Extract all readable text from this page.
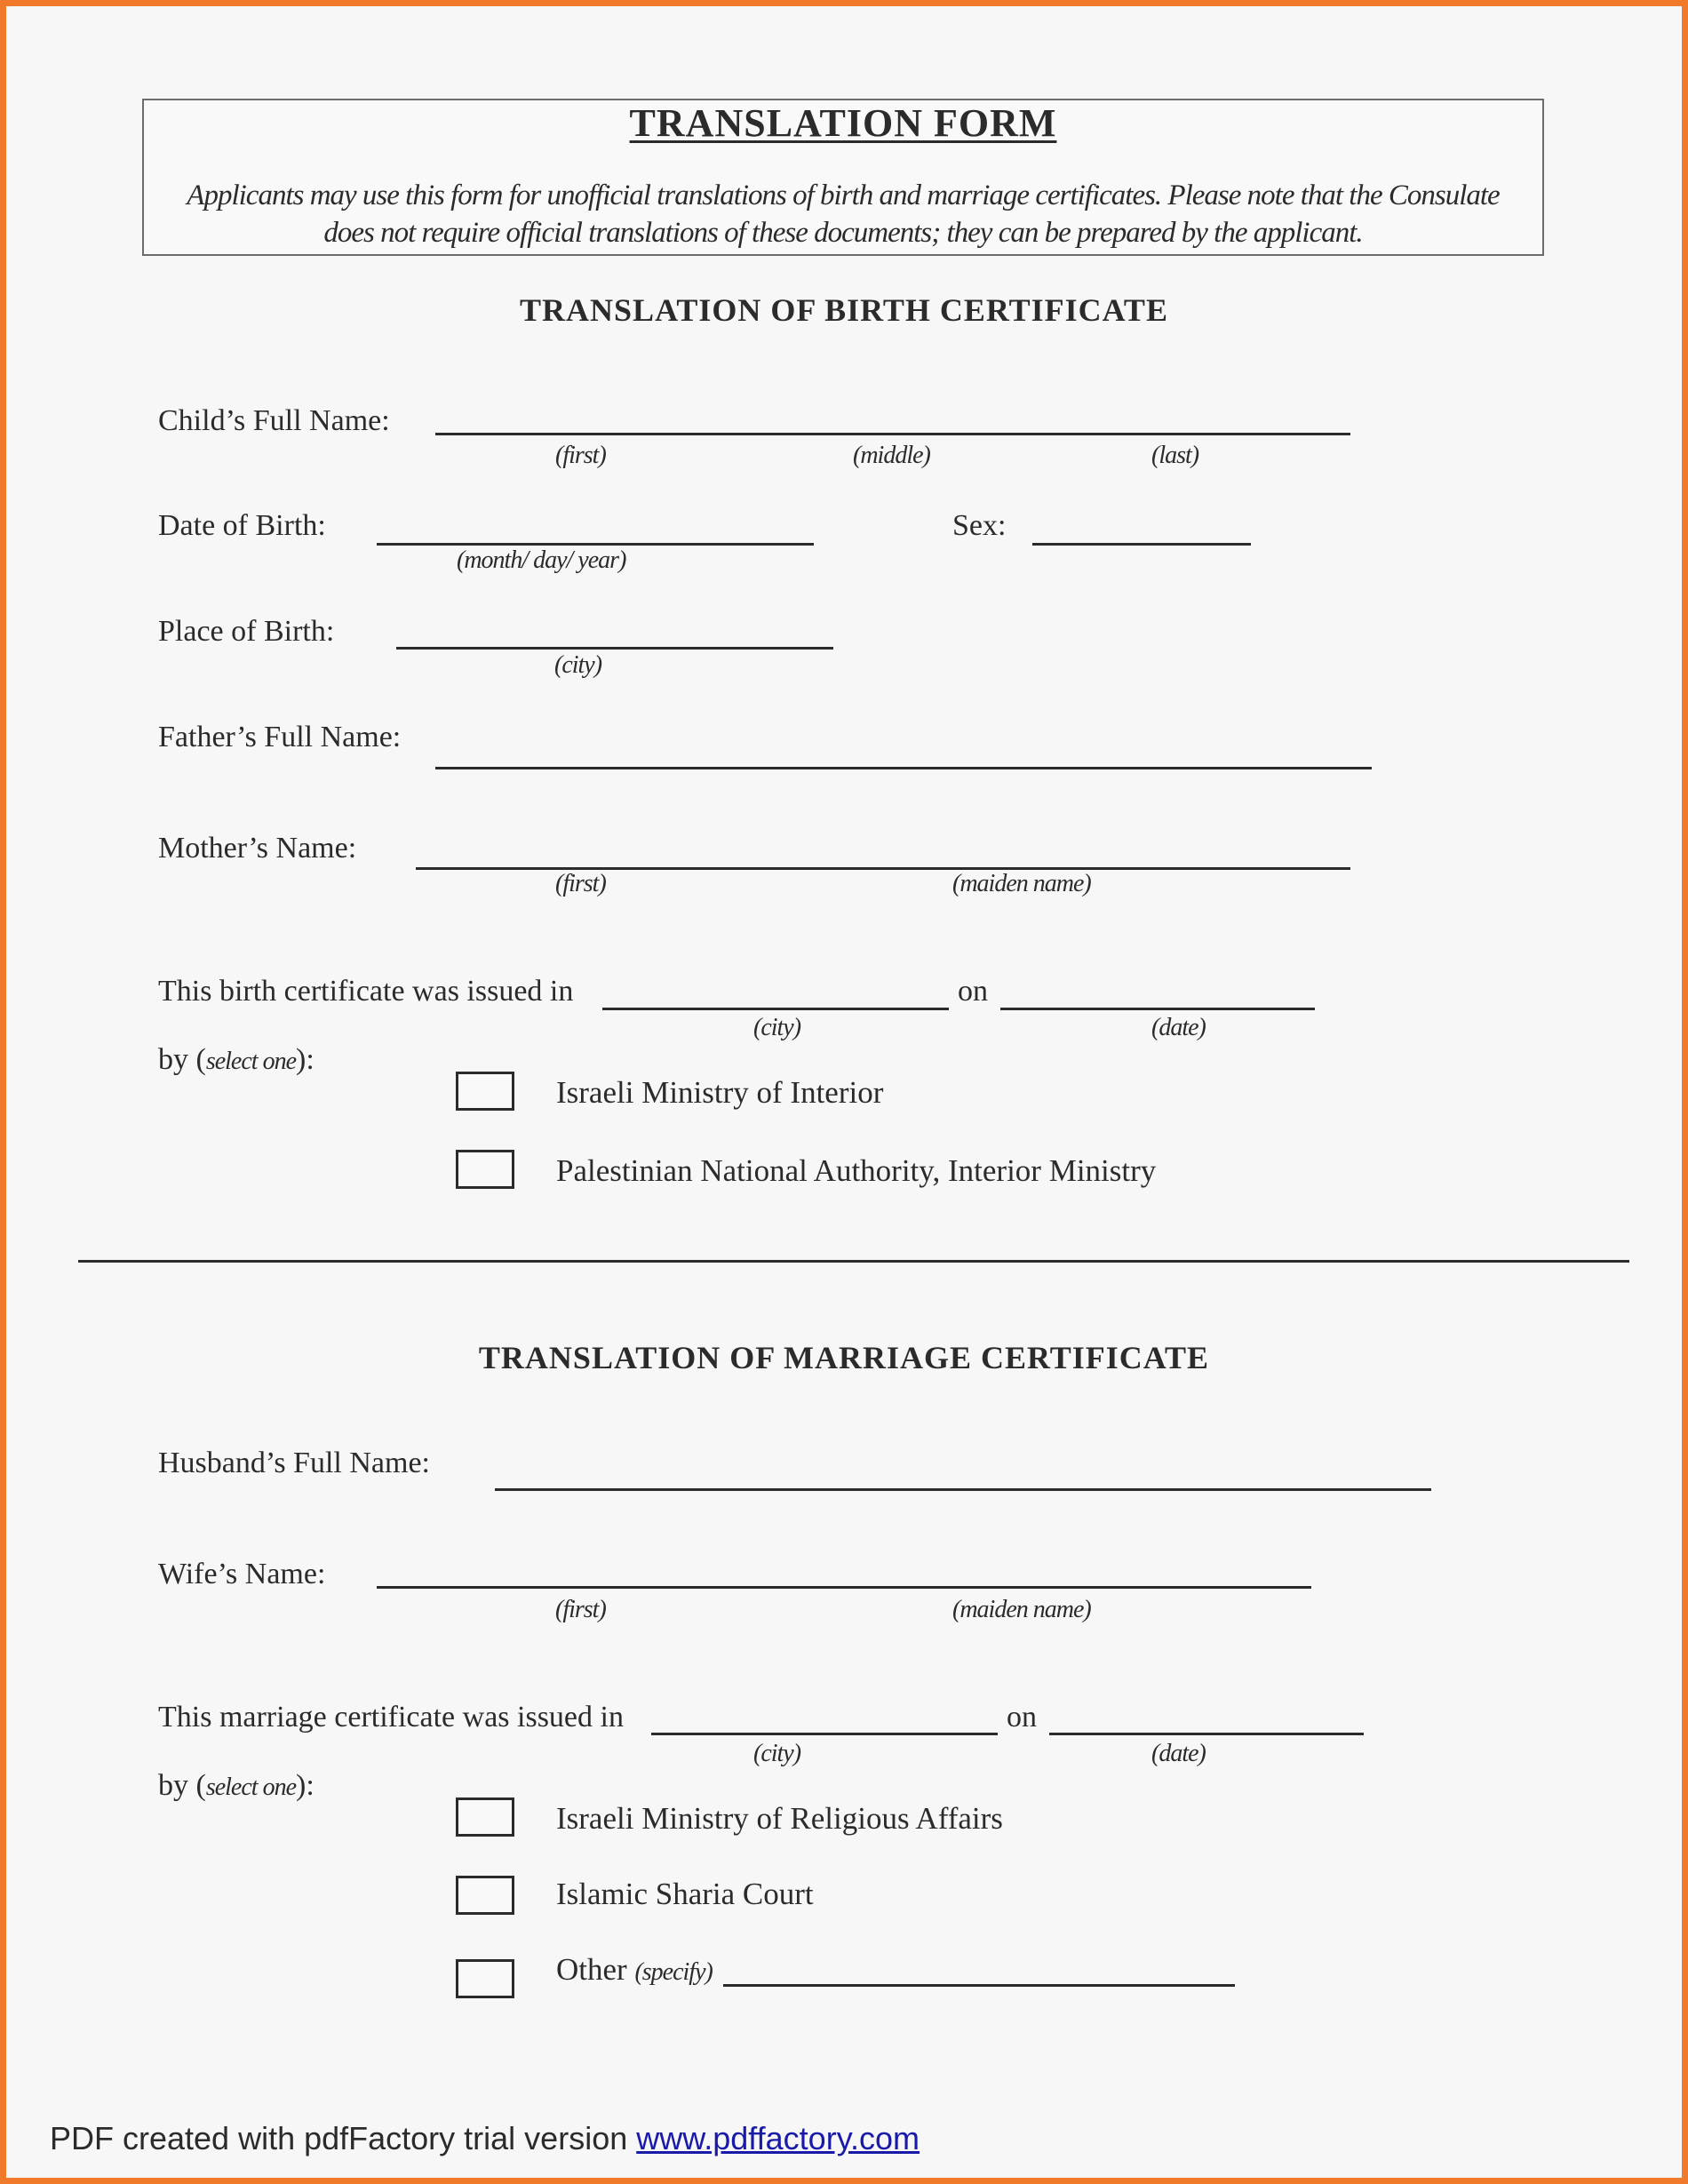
TRANSLATION FORM
Applicants may use this form for unofficial translations of birth and marriage certificates. Please note that the Consulate does not require official translations of these documents; they can be prepared by the applicant.
TRANSLATION OF BIRTH CERTIFICATE
Child’s Full Name:
(first)	(middle)	(last)
Date of Birth:
(month/ day/ year)
Sex:
Place of Birth:
(city)
Father’s Full Name:
Mother’s Name:
(first)	(maiden name)
This birth certificate was issued in	on
(city)	(date)
by (select one):
Israeli Ministry of Interior
Palestinian National Authority, Interior Ministry
TRANSLATION OF MARRIAGE CERTIFICATE
Husband’s Full Name:
Wife’s Name:
(first)	(maiden name)
This marriage certificate was issued in	on
(city)	(date)
by (select one):
Israeli Ministry of Religious Affairs
Islamic Sharia Court
Other (specify)
PDF created with pdfFactory trial version www.pdffactory.com
